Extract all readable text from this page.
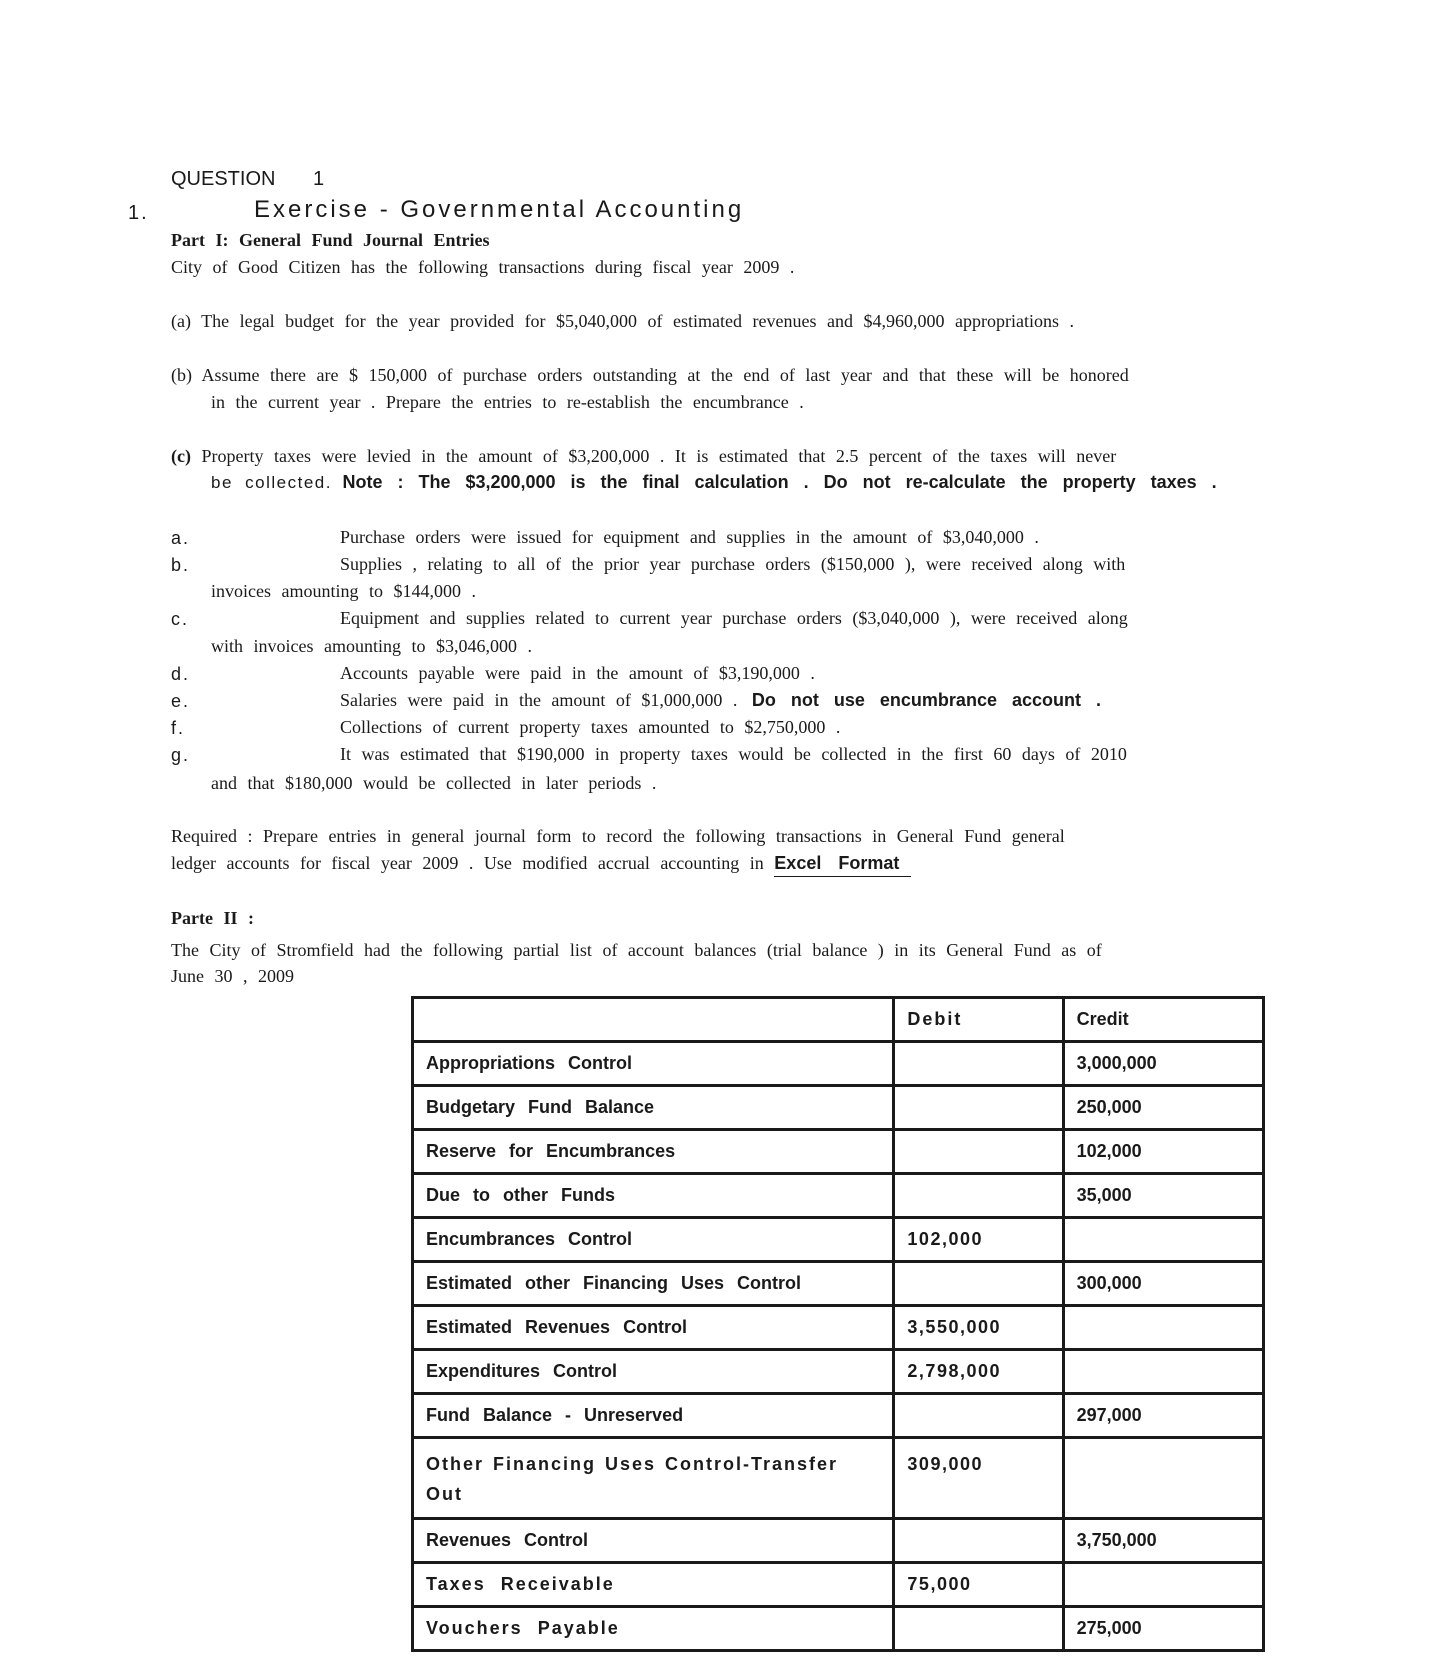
QUESTION 1
1.	Exercise - Governmental Accounting
Part I: General Fund Journal Entries
City of Good Citizen has the following transactions during fiscal year 2009 .
(a) The legal budget for the year provided for $5,040,000 of estimated revenues and $4,960,000 appropriations .
(b) Assume there are $ 150,000 of purchase orders outstanding at the end of last year and that these will be honored
in the current year . Prepare the entries to re-establish the encumbrance .
(c) Property taxes were levied in the amount of $3,200,000 . It is estimated that 2.5 percent of the taxes will never
be collected. Note : The $3,200,000 is the final calculation . Do not re-calculate the property taxes .
a.	Purchase orders were issued for equipment and supplies in the amount of $3,040,000 .
b.	Supplies , relating to all of the prior year purchase orders ($150,000 ), were received along with
invoices amounting to $144,000 .
c.	Equipment and supplies related to current year purchase orders ($3,040,000 ), were received along
with invoices amounting to $3,046,000 .
d.	Accounts payable were paid in the amount of $3,190,000 .
e.	Salaries were paid in the amount of $1,000,000 . Do not use encumbrance account .
f.	Collections of current property taxes amounted to $2,750,000 .
g.	It was estimated that $190,000 in property taxes would be collected in the first 60 days of 2010
and that $180,000 would be collected in later periods .
Required : Prepare entries in general journal form to record the following transactions in General Fund general
ledger accounts for fiscal year 2009 . Use modified accrual accounting in Excel Format
Parte II :
The City of Stromfield had the following partial list of account balances (trial balance ) in its General Fund as of
June 30 , 2009
	Debit	Credit
Appropriations Control		3,000,000
Budgetary Fund Balance		250,000
Reserve for Encumbrances		102,000
Due to other Funds		35,000
Encumbrances Control	102,000	
Estimated other Financing Uses Control		300,000
Estimated Revenues Control	3,550,000	
Expenditures Control	2,798,000	
Fund Balance - Unreserved		297,000
Other Financing Uses Control-Transfer Out	309,000	
Revenues Control		3,750,000
Taxes Receivable	75,000	
Vouchers Payable		275,000
